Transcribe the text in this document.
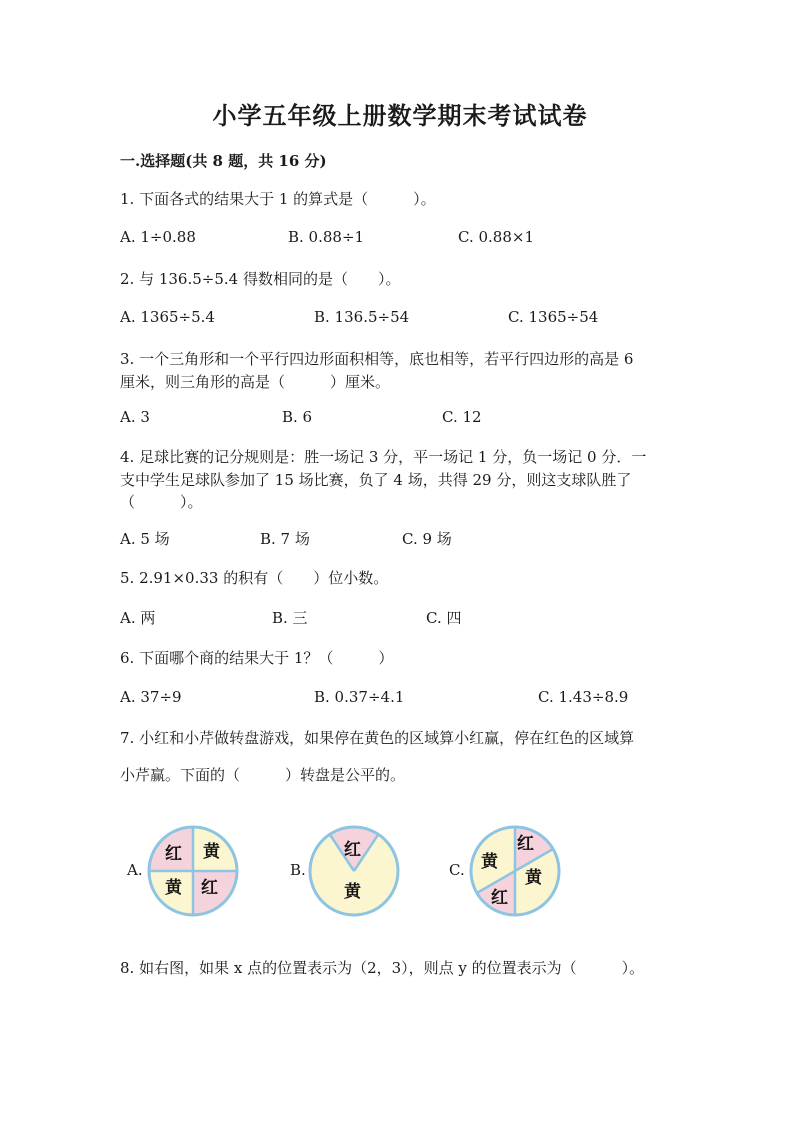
小学五年级上册数学期末考试试卷
一.选择题(共 8 题，共 16 分)
1. 下面各式的结果大于 1 的算式是（　　　）。
A. 1÷0.88	B. 0.88÷1	C. 0.88×1
2. 与 136.5÷5.4 得数相同的是（　　）。
A. 1365÷5.4	B. 136.5÷54	C. 1365÷54
3. 一个三角形和一个平行四边形面积相等，底也相等，若平行四边形的高是 6
厘米，则三角形的高是（　　　）厘米。
A. 3	B. 6	C. 12
4. 足球比赛的记分规则是：胜一场记 3 分，平一场记 1 分，负一场记 0 分．一
支中学生足球队参加了 15 场比赛，负了 4 场，共得 29 分，则这支球队胜了
（　　　）。
A. 5 场	B. 7 场	C. 9 场
5. 2.91×0.33 的积有（　　）位小数。
A. 两	B. 三	C. 四
6. 下面哪个商的结果大于 1？（　　　）
A. 37÷9	B. 0.37÷4.1	C. 1.43÷8.9
7. 小红和小芹做转盘游戏，如果停在黄色的区域算小红赢，停在红色的区域算
小芹赢。下面的（　　　）转盘是公平的。
A.
红 黄
黄 红
B.
红
黄
C.
红
黄
黄
红
8. 如右图，如果 x 点的位置表示为（2，3），则点 y 的位置表示为（　　　）。
